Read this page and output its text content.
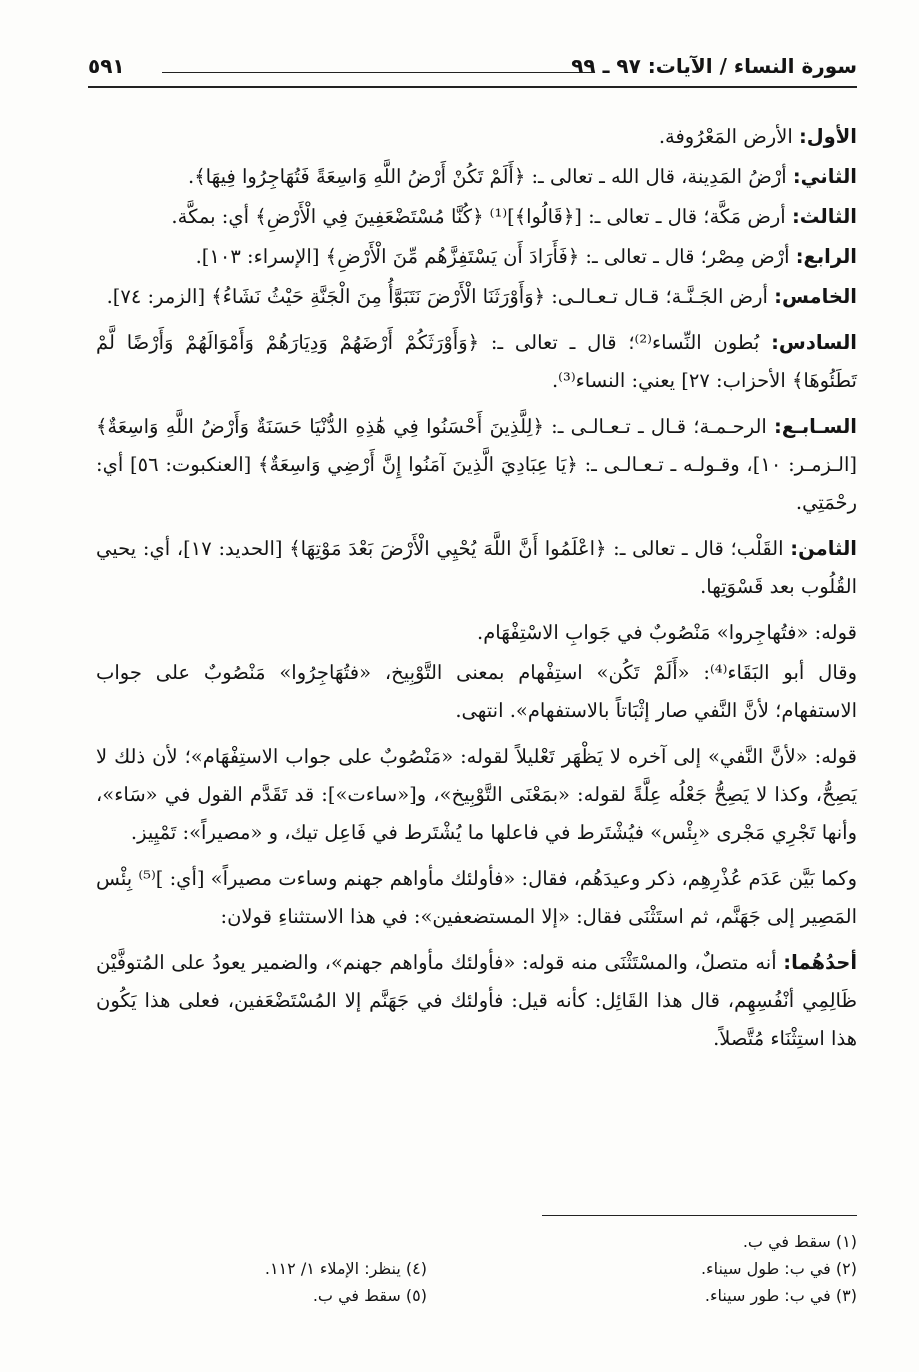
سورة النساء / الآيات: ٩٧ ـ ٩٩
٥٩١

الأول: الأرض المَعْرُوفة.

الثاني: أرْضُ المَدِينة، قال الله ـ تعالى ـ: ﴿أَلَمْ تَكُنْ أَرْضُ اللَّهِ وَاسِعَةً فَتُهَاجِرُوا فِيهَا﴾.

الثالث: أرض مَكَّة؛ قال ـ تعالى ـ: [﴿قَالُوا﴾]⁽¹⁾ ﴿كُنَّا مُسْتَضْعَفِينَ فِي الْأَرْضِ﴾ أي: بمكَّة.

الرابع: أرْض مِصْر؛ قال ـ تعالى ـ: ﴿فَأَرَادَ أَن يَسْتَفِزَّهُم مِّنَ الْأَرْضِ﴾ [الإسراء: ١٠٣].

الخامس: أرض الجَـنَّـة؛ قـال تـعـالـى: ﴿وَأَوْرَثَنَا الْأَرْضَ نَتَبَوَّأُ مِنَ الْجَنَّةِ حَيْثُ نَشَاءُ﴾ [الزمر: ٧٤].

السادس: بُطون النِّساء⁽²⁾؛ قال ـ تعالى ـ: ﴿وَأَوْرَثَكُمْ أَرْضَهُمْ وَدِيَارَهُمْ وَأَمْوَالَهُمْ وَأَرْضًا لَّمْ تَطَئُوهَا﴾ الأحزاب: ٢٧] يعني: النساء⁽³⁾.

السـابـع: الرحـمـة؛ قـال ـ تـعـالـى ـ: ﴿لِلَّذِينَ أَحْسَنُوا فِي هَٰذِهِ الدُّنْيَا حَسَنَةٌ وَأَرْضُ اللَّهِ وَاسِعَةٌ﴾ [الـزمـر: ١٠]، وقـولـه ـ تـعـالـى ـ: ﴿يَا عِبَادِيَ الَّذِينَ آمَنُوا إِنَّ أَرْضِي وَاسِعَةٌ﴾ [العنكبوت: ٥٦] أي: رحْمَتِي.

الثامن: القَلْب؛ قال ـ تعالى ـ: ﴿اعْلَمُوا أَنَّ اللَّهَ يُحْيِي الْأَرْضَ بَعْدَ مَوْتِهَا﴾ [الحديد: ١٧]، أي: يحيي القُلُوب بعد قَسْوَتِها.

قوله: «فتُهاجِروا» مَنْصُوبٌ في جَوابِ الاسْتِفْهَام.

وقال أبو البَقَاء⁽⁴⁾: «أَلَمْ تَكُن» استِفْهام بمعنى التَّوْبِيخ، «فتُهَاجِرُوا» مَنْصُوبٌ على جواب الاستفهام؛ لأنَّ النَّفي صار إثْبَاتاً بالاستفهام». انتهى.

قوله: «لأنَّ النَّفي» إلى آخره لا يَظْهَر تَعْليلاً لقوله: «مَنْصُوبٌ على جواب الاستِفْهَام»؛ لأن ذلك لا يَصِحُّ، وكذا لا يَصِحُّ جَعْلُه عِلَّةً لقوله: «بمَعْنَى التَّوْبِيخ»، و[«ساءت»]: قد تَقَدَّم القول في «سَاء»، وأنها تَجْرِي مَجْرى «بِئْس» فيُشْتَرط في فاعلها ما يُشْتَرط في فَاعِل تيك، و «مصيراً»: تَمْيِيز.

وكما بَيَّن عَدَم عُذْرِهِم، ذكر وعيدَهُم، فقال: «فأولئك مأواهم جهنم وساءت مصيراً» [أي: ]⁽⁵⁾ بِئْس المَصِير إلى جَهَنَّم، ثم استَثْنَى فقال: «إلا المستضعفين»: في هذا الاستثناءِ قولان:

أحدُهُما: أنه متصلٌ، والمسْتَثْنَى منه قوله: «فأولئك مأواهم جهنم»، والضمير يعودُ على المُتوفَّيْن ظَالِمِي أنْفُسِهِم، قال هذا القَائِل: كأنه قيل: فأولئك في جَهَنَّم إلا المُسْتَضْعَفين، فعلى هذا يَكُون هذا استِثْنَاء مُتَّصلاً.

(١) سقط في ب.
(٢) في ب: طول سيناء.
(٣) في ب: طور سيناء.
(٤) ينظر: الإملاء ١/ ١١٢.
(٥) سقط في ب.
